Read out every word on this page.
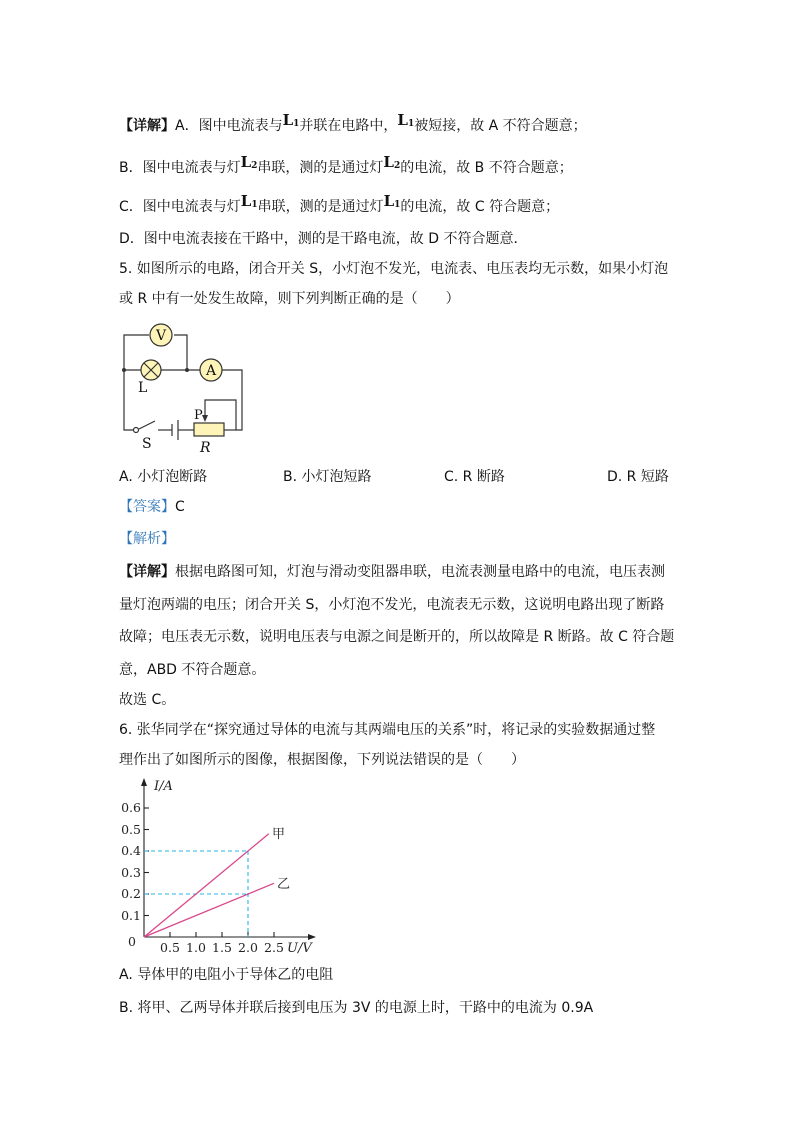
【详解】A．图中电流表与$L_1$并联在电路中，$L_1$被短接，故 A 不符合题意；
B．图中电流表与灯$L_2$串联，测的是通过灯$L_2$的电流，故 B 不符合题意；
C．图中电流表与灯$L_1$串联，测的是通过灯$L_1$的电流，故 C 符合题意；
D．图中电流表接在干路中，测的是干路电流，故 D 不符合题意．
5. 如图所示的电路，闭合开关 S，小灯泡不发光，电流表、电压表均无示数，如果小灯泡
或 R 中有一处发生故障，则下列判断正确的是（　　）
V
L
A
P
S	R
A. 小灯泡断路	B. 小灯泡短路	C. R 断路	D. R 短路
【答案】C
【解析】
【详解】根据电路图可知，灯泡与滑动变阻器串联，电流表测量电路中的电流，电压表测
量灯泡两端的电压；闭合开关 S，小灯泡不发光，电流表无示数，这说明电路出现了断路
故障；电压表无示数，说明电压表与电源之间是断开的，所以故障是 R 断路。故 C 符合题
意，ABD 不符合题意。
故选 C。
6. 张华同学在“探究通过导体的电流与其两端电压的关系”时，将记录的实验数据通过整
理作出了如图所示的图像，根据图像，下列说法错误的是（　　）
甲
乙
0.1
0.2
0.3
0.4
0.5
0.6
0 0.5 1.0 1.5 2.0 2.5
I/A
U/V
A. 导体甲的电阻小于导体乙的电阻
B. 将甲、乙两导体并联后接到电压为 3V 的电源上时，干路中的电流为 0.9A
